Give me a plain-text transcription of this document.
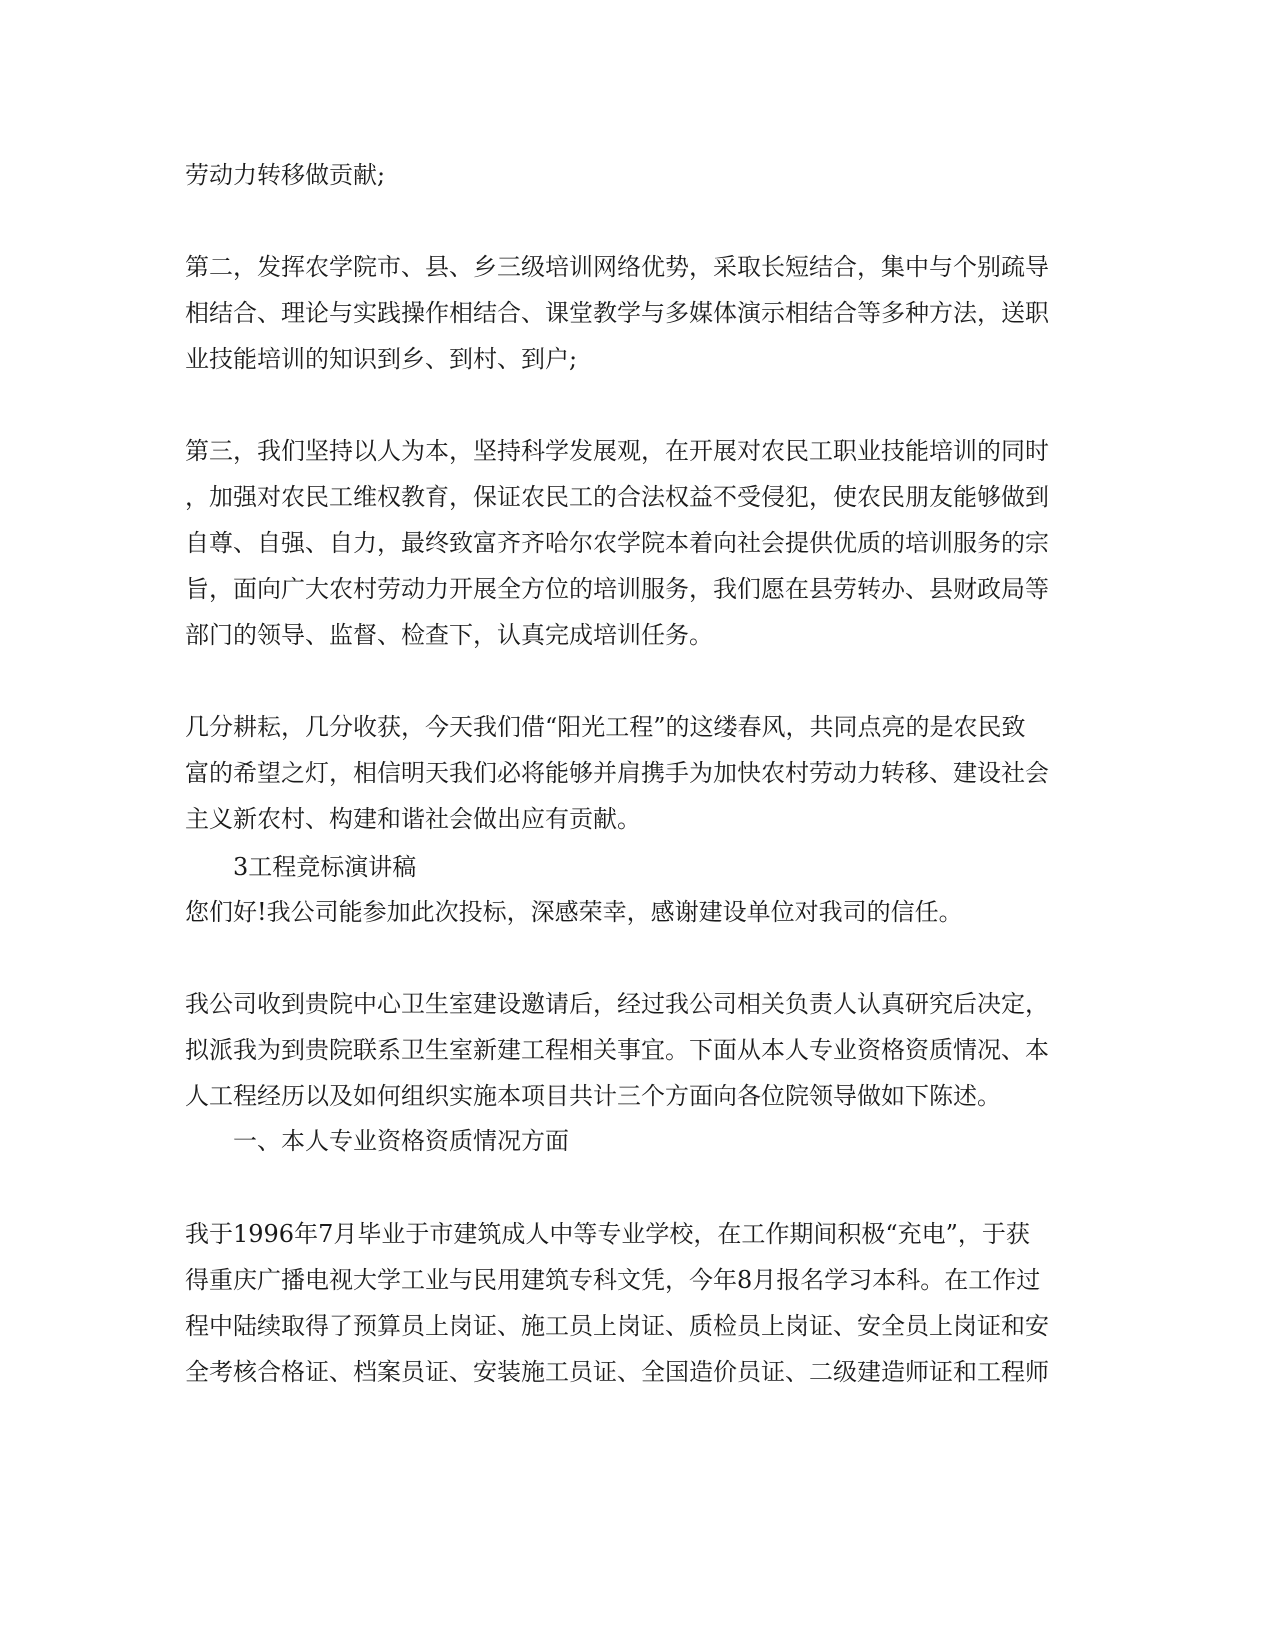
劳动力转移做贡献;
第二，发挥农学院市、县、乡三级培训网络优势，采取长短结合，集中与个别疏导
相结合、理论与实践操作相结合、课堂教学与多媒体演示相结合等多种方法，送职
业技能培训的知识到乡、到村、到户;
第三，我们坚持以人为本，坚持科学发展观，在开展对农民工职业技能培训的同时
，加强对农民工维权教育，保证农民工的合法权益不受侵犯，使农民朋友能够做到
自尊、自强、自力，最终致富齐齐哈尔农学院本着向社会提供优质的培训服务的宗
旨，面向广大农村劳动力开展全方位的培训服务，我们愿在县劳转办、县财政局等
部门的领导、监督、检查下，认真完成培训任务。
几分耕耘，几分收获，今天我们借“阳光工程”的这缕春风，共同点亮的是农民致
富的希望之灯，相信明天我们必将能够并肩携手为加快农村劳动力转移、建设社会
主义新农村、构建和谐社会做出应有贡献。
3工程竞标演讲稿
您们好!我公司能参加此次投标，深感荣幸，感谢建设单位对我司的信任。
我公司收到贵院中心卫生室建设邀请后，经过我公司相关负责人认真研究后决定，
拟派我为到贵院联系卫生室新建工程相关事宜。下面从本人专业资格资质情况、本
人工程经历以及如何组织实施本项目共计三个方面向各位院领导做如下陈述。
一、本人专业资格资质情况方面
我于1996年7月毕业于市建筑成人中等专业学校，在工作期间积极“充电”，于获
得重庆广播电视大学工业与民用建筑专科文凭，今年8月报名学习本科。在工作过
程中陆续取得了预算员上岗证、施工员上岗证、质检员上岗证、安全员上岗证和安
全考核合格证、档案员证、安装施工员证、全国造价员证、二级建造师证和工程师
